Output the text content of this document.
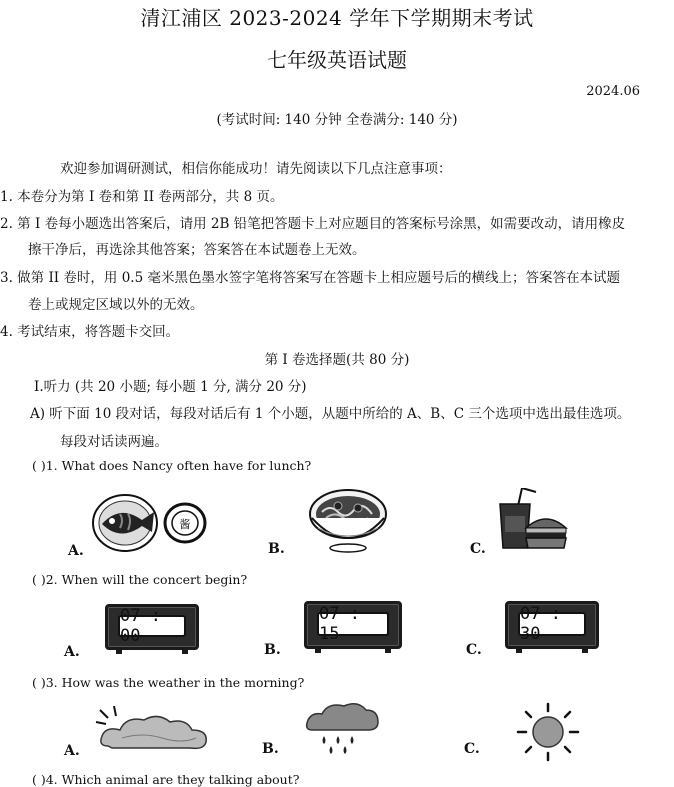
清江浦区 2023-2024 学年下学期期末考试
七年级英语试题
2024.06
(考试时间: 140 分钟 全卷满分: 140 分)
欢迎参加调研测试，相信你能成功！请先阅读以下几点注意事项：
1. 本卷分为第 I 卷和第 II 卷两部分，共 8 页。
2. 第 I 卷每小题选出答案后，请用 2B 铅笔把答题卡上对应题目的答案标号涂黑，如需要改动，请用橡皮
擦干净后，再选涂其他答案；答案答在本试题卷上无效。
3. 做第 II 卷时，用 0.5 毫米黑色墨水签字笔将答案写在答题卡上相应题号后的横线上；答案答在本试题
卷上或规定区域以外的无效。
4. 考试结束，将答题卡交回。
第 I 卷选择题(共 80 分)
I.听力 (共 20 小题; 每小题 1 分, 满分 20 分)
A) 听下面 10 段对话，每段对话后有 1 个小题，从题中所给的 A、B、C 三个选项中选出最佳选项。
每段对话读两遍。
( )1. What does Nancy often have for lunch?
A.	B.	C.
酱
( )2. When will the concert begin?
A.	B.	C.
07 : 00
07 : 15
07 : 30
( )3. How was the weather in the morning?
A.	B.	C.
( )4. Which animal are they talking about?
